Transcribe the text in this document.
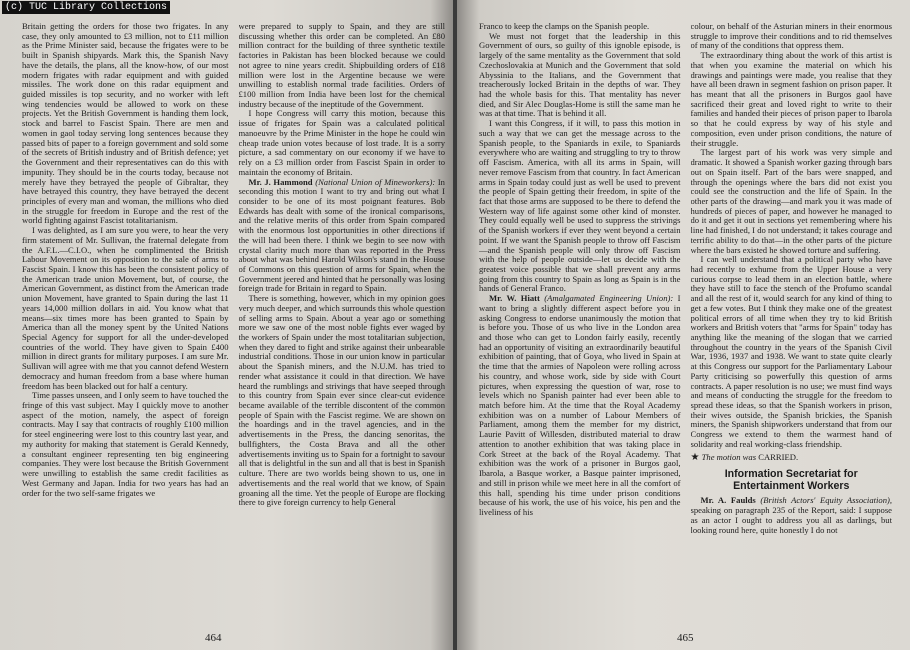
(c) TUC Library Collections

Britain getting the orders for those two frigates. In any case, they only amounted to £3 million, not to £11 million as the Prime Minister said, because the frigates were to be built in Spanish shipyards. Mark this, the Spanish Navy have the details, the plans, all the know-how, of our most modern frigates with radar equipment and with guided missiles. The work done on this radar equipment and guided missiles is top security, and no worker with left wing tendencies would be allowed to work on these projects. Yet the British Government is handing them lock, stock and barrel to Fascist Spain. There are men and women in gaol today serving long sentences because they passed bits of paper to a foreign government and sold some of the secrets of British industry and of British defence; yet the Government and their representatives can do this with impunity. They should be in the courts today, because not merely have they betrayed the people of Gibraltar, they have betrayed this country, they have betrayed the decent principles of every man and woman, the millions who died in the struggle for freedom in Europe and the rest of the world fighting against Fascist totalitarianism.

I was delighted, as I am sure you were, to hear the very firm statement of Mr. Sullivan, the fraternal delegate from the A.F.L.—C.I.O., when he complimented the British Labour Movement on its opposition to the sale of arms to Fascist Spain. I know this has been the consistent policy of the American trade union Movement, but, of course, the American Government, as distinct from the American trade union Movement, have granted to Spain during the last 11 years 14,000 million dollars in aid. You know what that means—six times more has been granted to Spain by America than all the money spent by the United Nations Special Agency for support for all the under-developed countries of the world. They have given to Spain £400 million in direct grants for military purposes. I am sure Mr. Sullivan will agree with me that you cannot defend Western democracy and human freedom from a base where human freedom has been blacked out for half a century.

Time passes unseen, and I only seem to have touched the fringe of this vast subject. May I quickly move to another aspect of the motion, namely, the aspect of foreign contracts. May I say that contracts of roughly £100 million for steel engineering were lost to this country last year, and my authority for making that statement is Gerald Kennedy, a consultant engineer representing ten big engineering companies. They were lost because the British Government were unwilling to establish the same credit facilities as West Germany and Japan. India for two years has had an order for the two self-same frigates we

were prepared to supply to Spain, and they are still discussing whether this order can be completed. An £80 million contract for the building of three synthetic textile factories in Pakistan has been blocked because we could not agree to nine years credit. Shipbuilding orders of £18 million were lost in the Argentine because we were unwilling to establish normal trade facilities. Orders of £100 million from India have been lost for the chemical industry because of the ineptitude of the Government.

I hope Congress will carry this motion, because this issue of frigates for Spain was a calculated political manoeuvre by the Prime Minister in the hope he could win cheap trade union votes because of lost trade. It is a sorry picture, a sad commentary on our economy if we have to rely on a £3 million order from Fascist Spain in order to maintain the economy of Britain.

Mr. J. Hammond (National Union of Mineworkers): In seconding this motion I want to try and bring out what I consider to be one of its most poignant features. Bob Edwards has dealt with some of the ironical comparisons, and the relative merits of this order from Spain compared with the enormous lost opportunities in other directions if the will had been there. I think we begin to see now with crystal clarity much more than was reported in the Press about what was behind Harold Wilson's stand in the House of Commons on this question of arms for Spain, when the Government jeered and hinted that he personally was losing foreign trade for Britain in regard to Spain.

There is something, however, which in my opinion goes very much deeper, and which surrounds this whole question of selling arms to Spain. About a year ago or something more we saw one of the most noble fights ever waged by the workers of Spain under the most totalitarian subjection, when they dared to fight and strike against their unbearable industrial conditions. Those in our union know in particular about the Spanish miners, and the N.U.M. has tried to render what assistance it could in that direction. We have heard the rumblings and strivings that have seeped through to this country from Spain ever since clear-cut evidence became available of the terrible discontent of the common people of Spain with the Fascist regime. We are shown on the hoardings and in the travel agencies, and in the advertisements in the Press, the dancing senoritas, the bullfighters, the Costa Brava and all the other advertisements inviting us to Spain for a fortnight to savour all that is delightful in the sun and all that is best in Spanish culture. There are two worlds being shown to us, one in advertisements and the real world that we know, of Spain groaning all the time. Yet the people of Europe are flocking there to give foreign currency to help General

464

Franco to keep the clamps on the Spanish people.

We must not forget that the leadership in this Government of ours, so guilty of this ignoble episode, is largely of the same mentality as the Government that sold Czechoslovakia at Munich and the Government that sold Abyssinia to the Italians, and the Government that treacherously locked Britain in the depths of war. They had the whole basis for this. That mentality has never died, and Sir Alec Douglas-Home is still the same man he was at that time. That is behind it all.

I want this Congress, if it will, to pass this motion in such a way that we can get the message across to the Spanish people, to the Spaniards in exile, to Spaniards everywhere who are waiting and struggling to try to throw off Fascism. America, with all its arms in Spain, will never remove Fascism from that country. In fact American arms in Spain today could just as well be used to prevent the people of Spain getting their freedom, in spite of the fact that those arms are supposed to be there to defend the Western way of life against some other kind of monster. They could equally well be used to suppress the strivings of the Spanish workers if ever they went beyond a certain point. If we want the Spanish people to throw off Fascism—and the Spanish people will only throw off Fascism with the help of people outside—let us decide with the greatest voice possible that we shall prevent any arms going from this country to Spain as long as Spain is in the hands of General Franco.

Mr. W. Hiatt (Amalgamated Engineering Union): I want to bring a slightly different aspect before you in asking Congress to endorse unanimously the motion that is before you. Those of us who live in the London area and those who can get to London fairly easily, recently had an opportunity of visiting an extraordinarily beautiful exhibition of painting, that of Goya, who lived in Spain at the time that the armies of Napoleon were rolling across his country, and whose work, side by side with Court pictures, when expressing the question of war, rose to levels which no Spanish painter had ever been able to match before him. At the time that the Royal Academy exhibition was on a number of Labour Members of Parliament, among them the member for my district, Laurie Pavitt of Willesden, distributed material to draw attention to another exhibition that was taking place in Cork Street at the back of the Royal Academy. That exhibition was the work of a prisoner in Burgos gaol, Ibarola, a Basque worker, a Basque painter imprisoned, and still in prison while we meet here in all the comfort of this hall, spending his time under prison conditions because of his work, the use of his voice, his pen and the liveliness of his

colour, on behalf of the Asturian miners in their enormous struggle to improve their conditions and to rid themselves of many of the conditions that oppress them.

The extraordinary thing about the work of this artist is that when you examine the material on which his drawings and paintings were made, you realise that they have all been drawn in segment fashion on prison paper. It has meant that all the prisoners in Burgos gaol have sacrificed their great and loved right to write to their families and handed their pieces of prison paper to Ibarola so that he could express by way of his style and composition, even under prison conditions, the nature of their struggle.

The largest part of his work was very simple and dramatic. It showed a Spanish worker gazing through bars out on Spain itself. Part of the bars were snapped, and through the openings where the bars did not exist you could see the construction and the life of Spain. In the other parts of the drawing—and mark you it was made of hundreds of pieces of paper, and however he managed to do it and get it out in sections yet remembering where his line had finished, I do not understand; it takes courage and terrific ability to do that—in the other parts of the picture where the bars existed he showed torture and suffering.

I can well understand that a political party who have had recently to exhume from the Upper House a very curious corpse to lead them in an election battle, where they have still to face the stench of the Profumo scandal and all the rest of it, would search for any kind of thing to get a few votes. But I think they make one of the greatest political errors of all time when they try to kid British workers and British voters that "arms for Spain" today has anything like the meaning of the slogan that we carried throughout the country in the years of the Spanish Civil War, 1936, 1937 and 1938. We want to state quite clearly at this Congress our support for the Parliamentary Labour Party criticising so powerfully this question of arms contracts. A paper resolution is no use; we must find ways and means of conducting the struggle for the freedom to spread these ideas, so that the Spanish workers in prison, their wives outside, the Spanish brickies, the Spanish miners, the Spanish shipworkers understand that from our Congress we extend to them the warmest hand of solidarity and real working-class friendship.

★ The motion was CARRIED.

Information Secretariat for
Entertainment Workers

Mr. A. Faulds (British Actors' Equity Association), speaking on paragraph 235 of the Report, said: I suppose as an actor I ought to address you all as darlings, but looking round here, quite honestly I do not

465
